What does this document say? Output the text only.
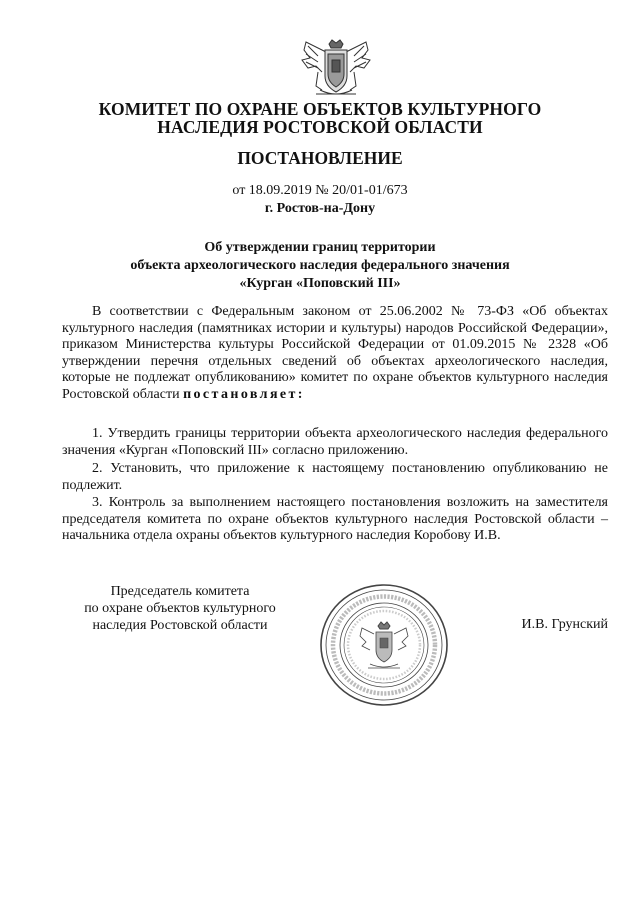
КОМИТЕТ ПО ОХРАНЕ ОБЪЕКТОВ КУЛЬТУРНОГО
НАСЛЕДИЯ РОСТОВСКОЙ ОБЛАСТИ
ПОСТАНОВЛЕНИЕ
от 18.09.2019 № 20/01-01/673
г. Ростов-на-Дону
Об утверждении границ территории
объекта археологического наследия федерального значения
«Курган «Поповский III»

В соответствии с Федеральным законом от 25.06.2002 № 73-ФЗ «Об объектах культурного наследия (памятниках истории и культуры) народов Российской Федерации», приказом Министерства культуры Российской Федерации от 01.09.2015 № 2328 «Об утверждении перечня отдельных сведений об объектах археологического наследия, которые не подлежат опубликованию» комитет по охране объектов культурного наследия Ростовской области постановляет:

1. Утвердить границы территории объекта археологического наследия федерального значения «Курган «Поповский III» согласно приложению.

2. Установить, что приложение к настоящему постановлению опубликованию не подлежит.

3. Контроль за выполнением настоящего постановления возложить на заместителя председателя комитета по охране объектов культурного наследия Ростовской области – начальника отдела охраны объектов культурного наследия Коробову И.В.

Председатель комитета
по охране объектов культурного
наследия Ростовской области	И.В. Грунский
